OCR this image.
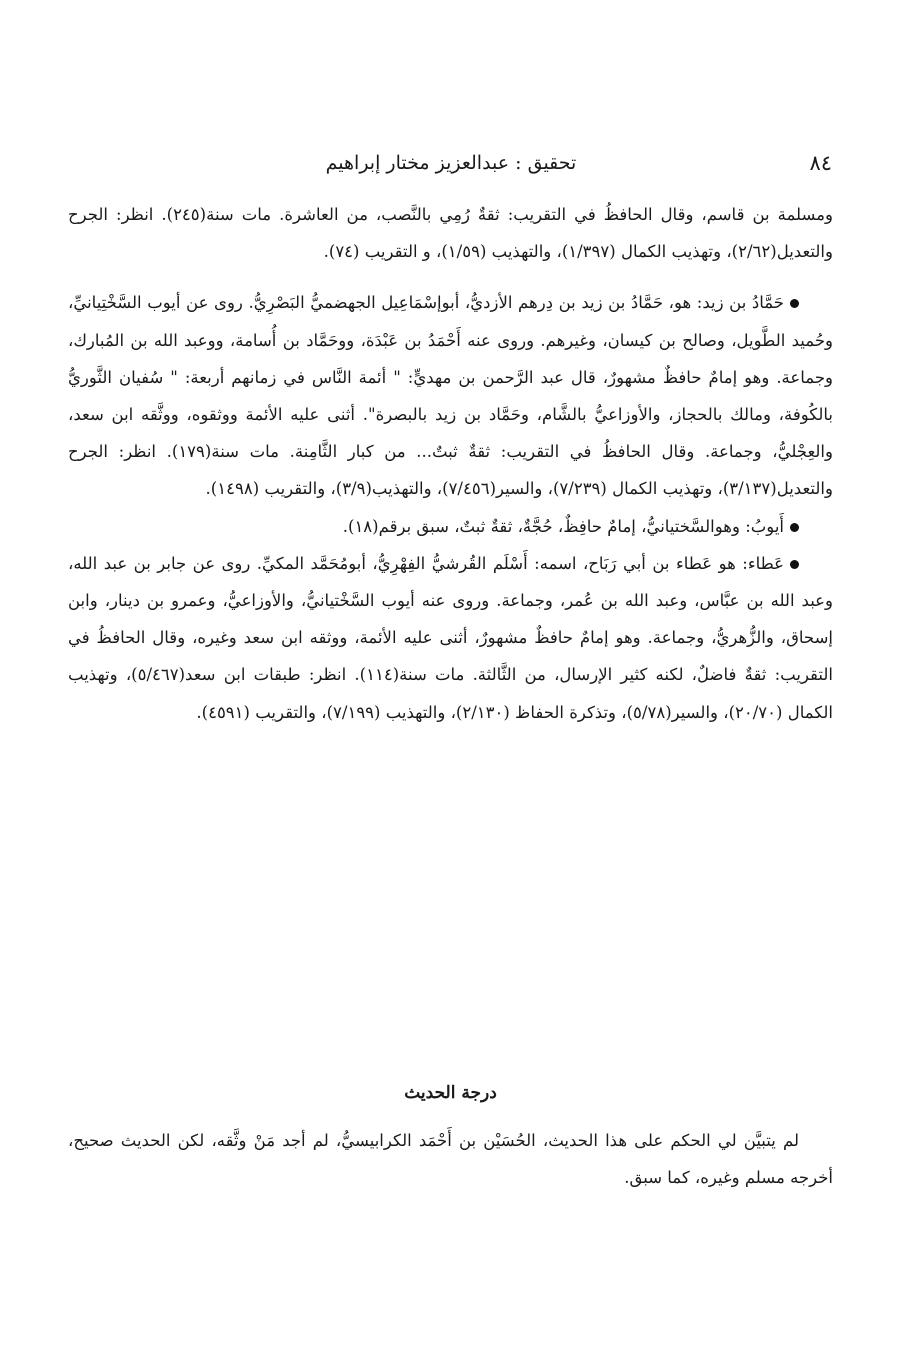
٨٤
تحقيق : عبدالعزيز مختار إبراهيم

ومسلمة بن قاسم، وقال الحافظُ في التقريب: ثقةٌ رُمِي بالنَّصب، من العاشرة. مات سنة(٢٤٥). انظر: الجرح والتعديل(٢/٦٢)، وتهذيب الكمال (١/٣٩٧)، والتهذيب (١/٥٩)، و التقريب (٧٤).

حَمَّادُ بن زيد: هو، حَمَّادُ بن زيد بن دِرهم الأزديُّ، أبوإسْمَاعِيل الجهضميُّ البَصْرِيُّ. روى عن أيوب السَّخْتِيانيِّ، وحُميد الطَّويل، وصالح بن كيسان، وغيرهم. وروى عنه أَحْمَدُ بن عَبْدَة، ووحَمَّاد بن أُسامة، ووعبد الله بن المُبارك، وجماعة. وهو إمامٌ حافظٌ مشهورٌ، قال عبد الرَّحمن بن مهديٍّ: " أئمة النَّاس في زمانهم أربعة: " سُفيان الثَّوريُّ بالكُوفة، ومالك بالحجاز، والأوزاعيُّ بالشَّام، وحَمَّاد بن زيد بالبصرة". أثنى عليه الأئمة ووثقوه، ووثَّقه ابن سعد، والعِجْليُّ، وجماعة. وقال الحافظُ في التقريب: ثقةٌ ثبتٌ... من كبار الثَّامِنة. مات سنة(١٧٩). انظر: الجرح والتعديل(٣/١٣٧)، وتهذيب الكمال (٧/٢٣٩)، والسير(٧/٤٥٦)، والتهذيب(٣/٩)، والتقريب (١٤٩٨).

أَيوبُ: وهوالسَّختيانيُّ، إمامٌ حافِظٌ، حُجَّةٌ، ثقةٌ ثبتٌ، سبق برقم(١٨).

عَطاء: هو عَطاء بن أبي رَبَاح، اسمه: أَسْلَم القُرشيُّ الفِهْرِيُّ، أبومُحَمَّد المكيِّ. روى عن جابر بن عبد الله، وعبد الله بن عبَّاس، وعبد الله بن عُمر، وجماعة. وروى عنه أيوب السَّخْتيانيُّ، والأوزاعيُّ، وعمرو بن دينار، وابن إسحاق، والزُّهريُّ، وجماعة. وهو إمامٌ حافظٌ مشهورٌ، أثنى عليه الأئمة، ووثقه ابن سعد وغيره، وقال الحافظُ في التقريب: ثقةٌ فاضلٌ، لكنه كثير الإرسال، من الثَّالثة. مات سنة(١١٤). انظر: طبقات ابن سعد(٥/٤٦٧)، وتهذيب الكمال (٢٠/٧٠)، والسير(٥/٧٨)، وتذكرة الحفاظ (٢/١٣٠)، والتهذيب (٧/١٩٩)، والتقريب (٤٥٩١).

درجة الحديث

لم يتبيَّن لي الحكم على هذا الحديث، الحُسَيْن بن أَحْمَد الكرابيسيُّ، لم أجد مَنْ وثَّقه، لكن الحديث صحيح، أخرجه مسلم وغيره، كما سبق.
